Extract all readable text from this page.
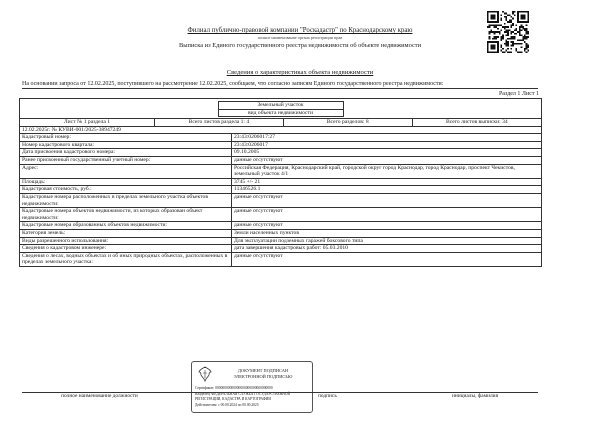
Филиал публично-правовой компании "Роскадастр" по Краснодарскому краю
полное наименование органа регистрации прав
Выписка из Единого государственного реестра недвижимости об объекте недвижимости
Сведения о характеристиках объекта недвижимости
На основании запроса от 12.02.2025, поступившего на рассмотрение 12.02.2025, сообщаем, что согласно записям Единого государственного реестра недвижимости:
Раздел 1 Лист 1
Земельный участок
вид объекта недвижимости

Лист № 1 раздела 1	Всего листов раздела 1: 4	Всего разделов: 8	Всего листов выписки: 34

12.02.2025г. № КУВИ-001/2025-38947249
Кадастровый номер:	23:43:0206017:27
Номер кадастрового квартала:	23:43:0206017
Дата присвоения кадастрового номера:	09.10.2005
Ранее присвоенный государственный учетный номер:	данные отсутствуют
Адрес:	Российская Федерация, Краснодарский край, городской округ город Краснодар, город Краснодар, проспект Чекистов, земельный участок 4/1
Площадь:	3745 +/- 21
Кадастровая стоимость, руб.:	11346526.1
Кадастровые номера расположенных в пределах земельного участка объектов недвижимости:	данные отсутствуют
Кадастровые номера объектов недвижимости, из которых образован объект недвижимости:	данные отсутствуют
Кадастровые номера образованных объектов недвижимости:	данные отсутствуют
Категория земель:	Земли населенных пунктов
Виды разрешенного использования:	Для эксплуатации подземных гаражей боксового типа
Сведения о кадастровом инженере:	дата завершения кадастровых работ: 05.03.2010
Сведения о лесах, водных объектах и об иных природных объектах, расположенных в пределах земельного участка:	данные отсутствуют
ДОКУМЕНТ ПОДПИСАН
ЭЛЕКТРОННОЙ ПОДПИСЬЮ
Сертификат: 00000000000000000000000000000000
Владелец: ФЕДЕРАЛЬНАЯ СЛУЖБА ГОСУДАРСТВЕННОЙ
РЕГИСТРАЦИИ, КАДАСТРА И КАРТОГРАФИИ
Действителен: с 00.00.2024 по 00.00.2025
полное наименование должности	подпись	инициалы, фамилия
